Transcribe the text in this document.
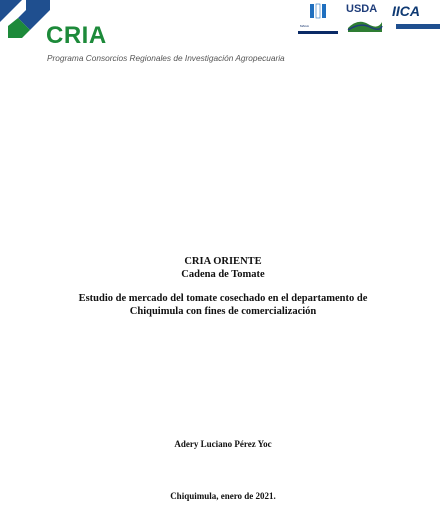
CRIA
Programa Consorcios Regionales de Investigación Agropecuaria
MAGA
USDA IICA
CRIA ORIENTE
Cadena de Tomate
Estudio de mercado del tomate cosechado en el departamento de
Chiquimula con fines de comercialización
Adery Luciano Pérez Yoc
Chiquimula, enero de 2021.
